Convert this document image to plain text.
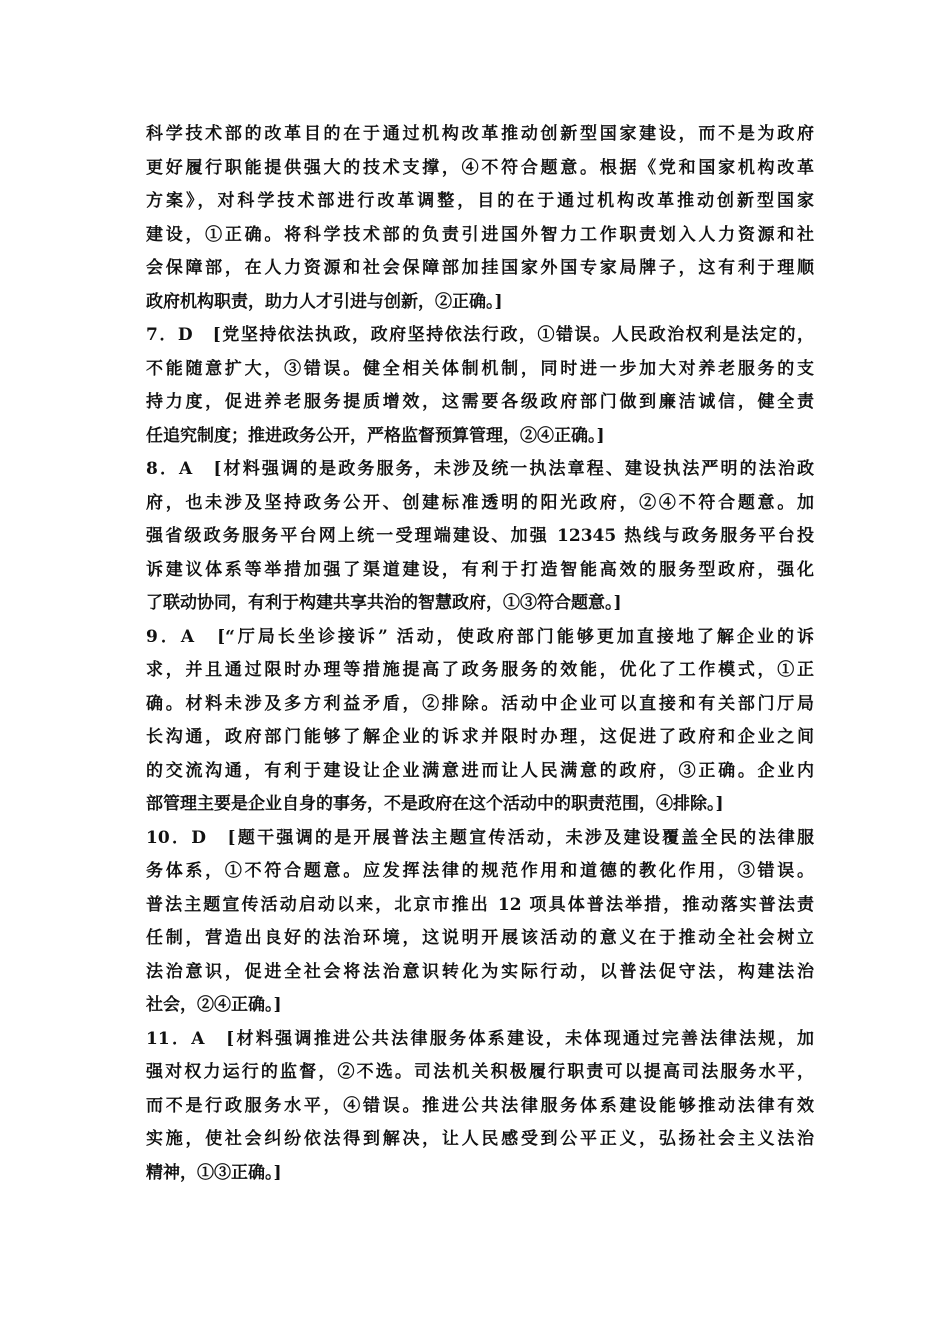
科学技术部的改革目的在于通过机构改革推动创新型国家建设，而不是为政府
更好履行职能提供强大的技术支撑，④不符合题意。根据《党和国家机构改革
方案》，对科学技术部进行改革调整，目的在于通过机构改革推动创新型国家
建设，①正确。将科学技术部的负责引进国外智力工作职责划入人力资源和社
会保障部，在人力资源和社会保障部加挂国家外国专家局牌子，这有利于理顺
政府机构职责，助力人才引进与创新，②正确。]
7．D　[党坚持依法执政，政府坚持依法行政，①错误。人民政治权利是法定的，
不能随意扩大，③错误。健全相关体制机制，同时进一步加大对养老服务的支
持力度，促进养老服务提质增效，这需要各级政府部门做到廉洁诚信，健全责
任追究制度；推进政务公开，严格监督预算管理，②④正确。]
8．A　[材料强调的是政务服务，未涉及统一执法章程、建设执法严明的法治政
府，也未涉及坚持政务公开、创建标准透明的阳光政府，②④不符合题意。加
强省级政务服务平台网上统一受理端建设、加强 12345 热线与政务服务平台投
诉建议体系等举措加强了渠道建设，有利于打造智能高效的服务型政府，强化
了联动协同，有利于构建共享共治的智慧政府，①③符合题意。]
9．A　[“厅局长坐诊接诉” 活动，使政府部门能够更加直接地了解企业的诉
求，并且通过限时办理等措施提高了政务服务的效能，优化了工作模式，①正
确。材料未涉及多方利益矛盾，②排除。活动中企业可以直接和有关部门厅局
长沟通，政府部门能够了解企业的诉求并限时办理，这促进了政府和企业之间
的交流沟通，有利于建设让企业满意进而让人民满意的政府，③正确。企业内
部管理主要是企业自身的事务，不是政府在这个活动中的职责范围，④排除。]
10．D　[题干强调的是开展普法主题宣传活动，未涉及建设覆盖全民的法律服
务体系，①不符合题意。应发挥法律的规范作用和道德的教化作用，③错误。
普法主题宣传活动启动以来，北京市推出 12 项具体普法举措，推动落实普法责
任制，营造出良好的法治环境，这说明开展该活动的意义在于推动全社会树立
法治意识，促进全社会将法治意识转化为实际行动，以普法促守法，构建法治
社会，②④正确。]
11．A　[材料强调推进公共法律服务体系建设，未体现通过完善法律法规，加
强对权力运行的监督，②不选。司法机关积极履行职责可以提高司法服务水平，
而不是行政服务水平，④错误。推进公共法律服务体系建设能够推动法律有效
实施，使社会纠纷依法得到解决，让人民感受到公平正义，弘扬社会主义法治
精神，①③正确。]
